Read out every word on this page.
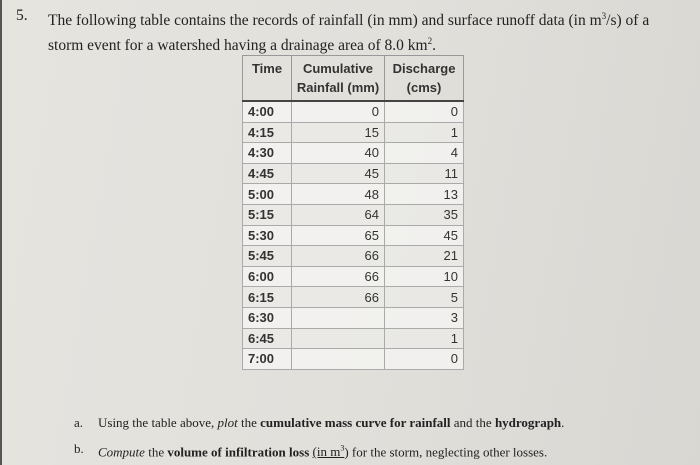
5. The following table contains the records of rainfall (in mm) and surface runoff data (in $m^3/s$) of a storm event for a watershed having a drainage area of 8.0 $km^2$.
Time	Cumulative Rainfall (mm)	Discharge (cms)
4:00	0	0
4:15	15	1
4:30	40	4
4:45	45	11
5:00	48	13
5:15	64	35
5:30	65	45
5:45	66	21
6:00	66	10
6:15	66	5
6:30		3
6:45		1
7:00		0
a. Using the table above, plot the cumulative mass curve for rainfall and the hydrograph.
b. Compute the volume of infiltration loss (in $m^3$) for the storm, neglecting other losses.
